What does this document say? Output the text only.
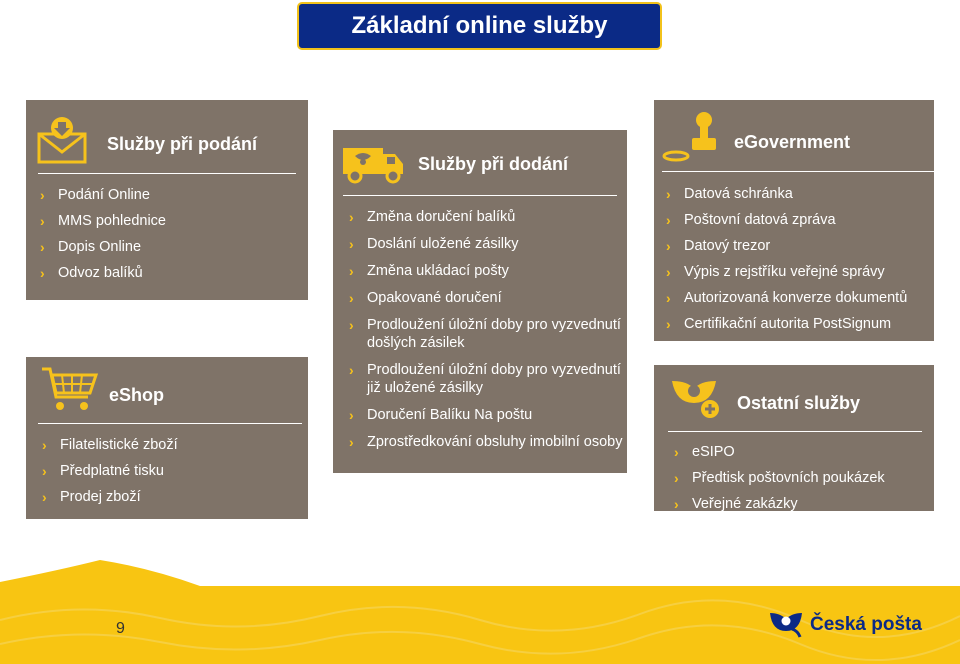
Základní online služby
Služby při podání
› Podání Online
› MMS pohlednice
› Dopis Online
› Odvoz balíků
eShop
› Filatelistické zboží
› Předplatné tisku
› Prodej zboží
Služby při dodání
› Změna doručení balíků
› Doslání uložené zásilky
› Změna ukládací pošty
› Opakované doručení
› Prodloužení úložní doby pro vyzvednutí došlých zásilek
› Prodloužení úložní doby pro vyzvednutí již uložené zásilky
› Doručení Balíku Na poštu
› Zprostředkování obsluhy imobilní osoby
eGovernment
› Datová schránka
› Poštovní datová zpráva
› Datový trezor
› Výpis z rejstříku veřejné správy
› Autorizovaná konverze dokumentů
› Certifikační autorita PostSignum
Ostatní služby
› eSIPO
› Předtisk poštovních poukázek
› Veřejné zakázky
9	Česká pošta
